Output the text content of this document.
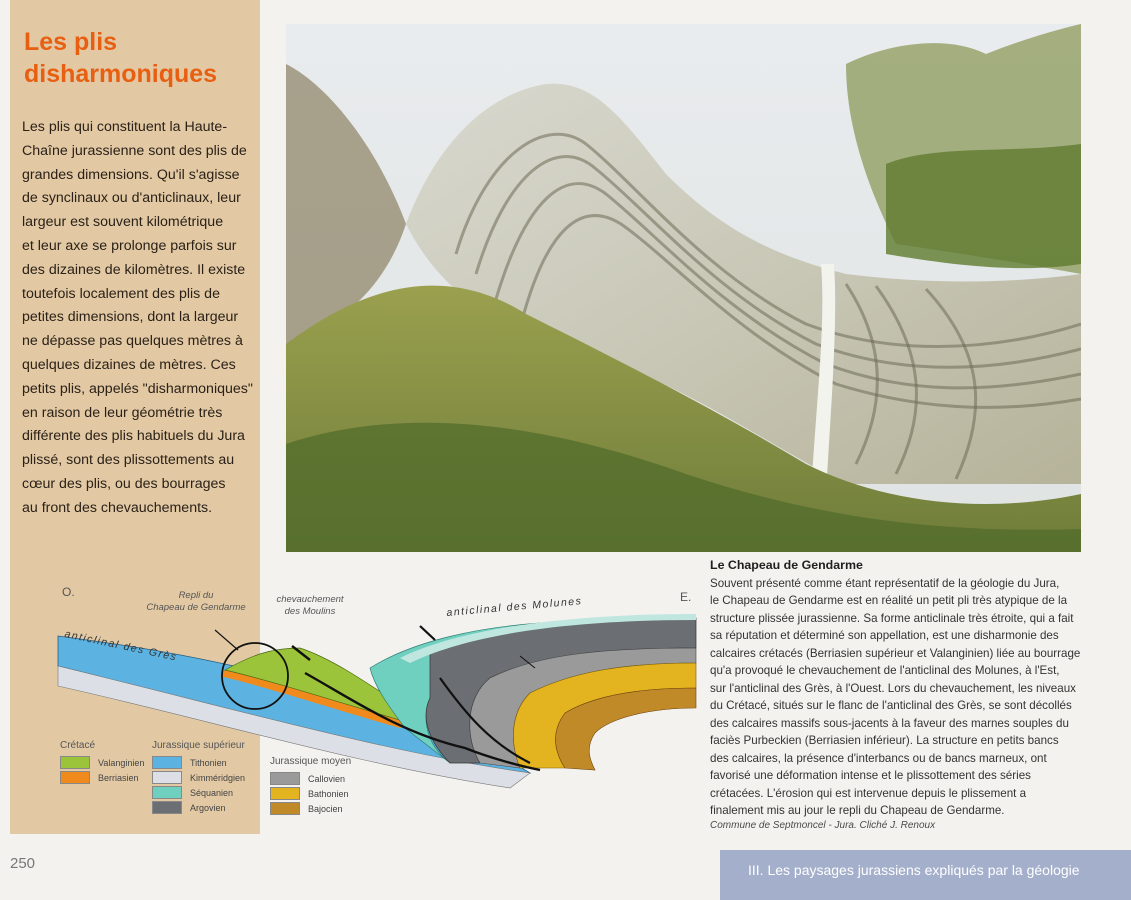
Les plis
disharmoniques
Les plis qui constituent la Haute-
Chaîne jurassienne sont des plis de
grandes dimensions. Qu'il s'agisse
de synclinaux ou d'anticlinaux, leur
largeur est souvent kilométrique
et leur axe se prolonge parfois sur
des dizaines de kilomètres. Il existe
toutefois localement des plis de
petites dimensions, dont la largeur
ne dépasse pas quelques mètres à
quelques dizaines de mètres. Ces
petits plis, appelés "disharmoniques"
en raison de leur géométrie très
différente des plis habituels du Jura
plissé, sont des plissottements au
cœur des plis, ou des bourrages
au front des chevauchements.
Le Chapeau de Gendarme
Souvent présenté comme étant représentatif de la géologie du Jura,
le Chapeau de Gendarme est en réalité un petit pli très atypique de la
structure plissée jurassienne. Sa forme anticlinale très étroite, qui a fait
sa réputation et déterminé son appellation, est une disharmonie des
calcaires crétacés (Berriasien supérieur et Valanginien) liée au bourrage
qu'a provoqué le chevauchement de l'anticlinal des Molunes, à l'Est,
sur l'anticlinal des Grès, à l'Ouest. Lors du chevauchement, les niveaux
du Crétacé, situés sur le flanc de l'anticlinal des Grès, se sont décollés
des calcaires massifs sous-jacents à la faveur des marnes souples du
faciès Purbeckien (Berriasien inférieur). La structure en petits bancs
des calcaires, la présence d'interbancs ou de bancs marneux, ont
favorisé une déformation intense et le plissottement des séries
crétacées. L'érosion qui est intervenue depuis le plissement a
finalement mis au jour le repli du Chapeau de Gendarme.
Commune de Septmoncel - Jura. Cliché J. Renoux
O.	E.
Repli du
Chapeau de Gendarme
chevauchement
des Moulins
anticlinal des Grès
anticlinal des Molunes
Crétacé
Valanginien
Berriasien
Jurassique supérieur
Tithonien
Kimméridgien
Séquanien
Argovien
Jurassique moyen
Callovien
Bathonien
Bajocien
250	III. Les paysages jurassiens expliqués par la géologie
